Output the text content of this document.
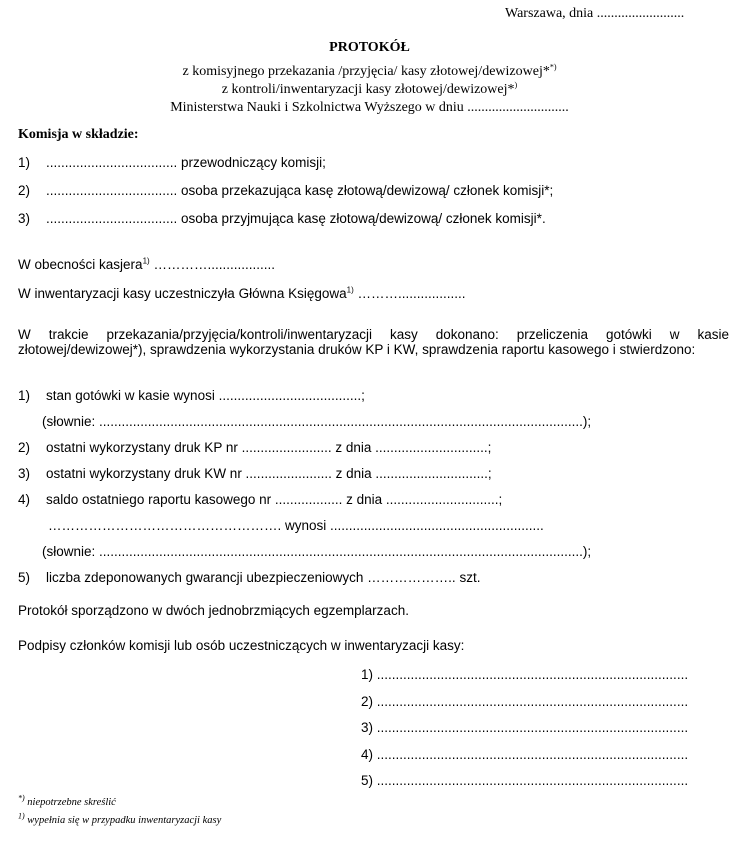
Warszawa, dnia .........................
PROTOKÓŁ
z komisyjnego przekazania /przyjęcia/ kasy złotowej/dewizowej**)
z kontroli/inwentaryzacji kasy złotowej/dewizowej*)
Ministerstwa Nauki i Szkolnictwa Wyższego w dniu .............................
Komisja w składzie:
1) ................................... przewodniczący komisji;
2) ................................... osoba przekazująca kasę złotową/dewizową/ członek komisji*;
3) ................................... osoba przyjmująca kasę złotową/dewizową/ członek komisji*.
W obecności kasjera$^{1)}$ …………..................
W inwentaryzacji kasy uczestniczyła Główna Księgowa$^{1)}$ ………..................
W trakcie przekazania/przyjęcia/kontroli/inwentaryzacji kasy dokonano: przeliczenia gotówki w kasie złotowej/dewizowej*), sprawdzenia wykorzystania druków KP i KW, sprawdzenia raportu kasowego i stwierdzono:
1) stan gotówki w kasie wynosi ......................................;
(słownie: .................................................................................................................................);
2) ostatni wykorzystany druk KP nr ........................ z dnia ..............................;
3) ostatni wykorzystany druk KW nr ....................... z dnia ..............................;
4) saldo ostatniego raportu kasowego nr .................. z dnia ..............................;
……………………………………………. wynosi .........................................................
(słownie: .................................................................................................................................);
5) liczba zdeponowanych gwarancji ubezpieczeniowych ……………….. szt.
Protokół sporządzono w dwóch jednobrzmiących egzemplarzach.
Podpisy członków komisji lub osób uczestniczących w inwentaryzacji kasy:
1) ...................................................................................
2) ...................................................................................
3) ...................................................................................
4) ...................................................................................
5) ...................................................................................
*) niepotrzebne skreślić
$^{1)}$ wypełnia się w przypadku inwentaryzacji kasy
